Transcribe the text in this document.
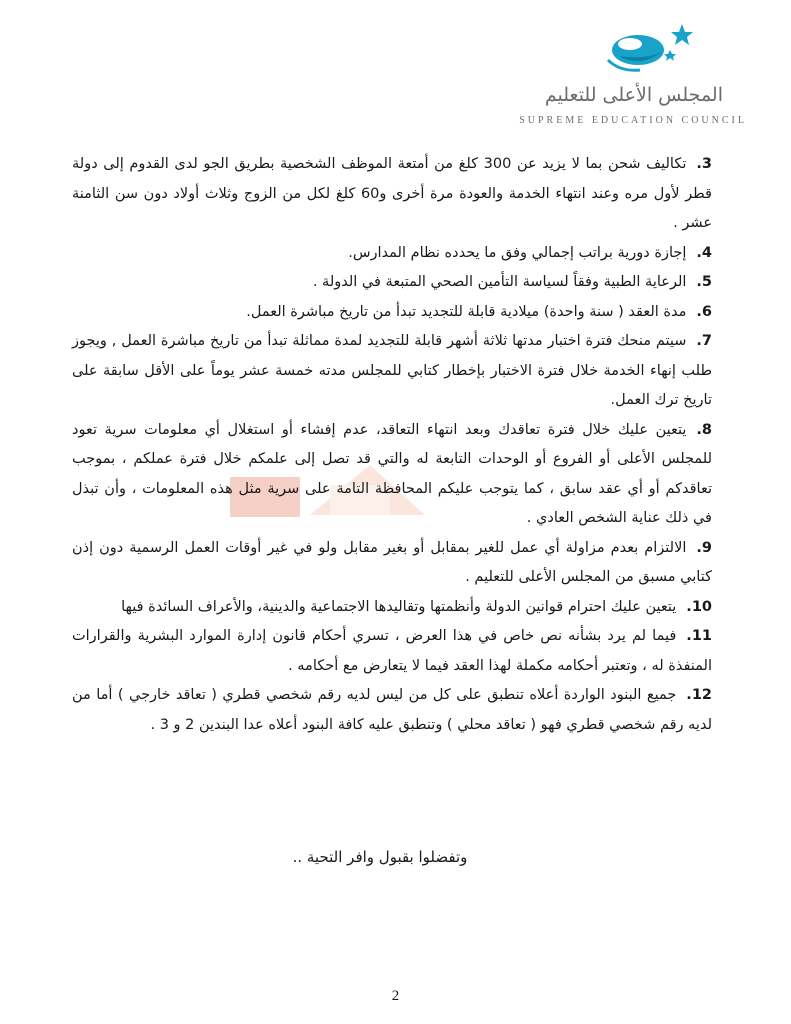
المجلس الأعلى للتعليم
SUPREME EDUCATION COUNCIL

3.تكاليف شحن بما لا يزيد عن 300 كلغ من أمتعة الموظف الشخصية بطريق الجو لدى القدوم إلى دولة قطر لأول مره وعند انتهاء الخدمة والعودة مرة أخرى و60 كلغ لكل من الزوج وثلاث أولاد دون سن الثامنة عشر .

4.إجازة دورية براتب إجمالي وفق ما يحدده نظام المدارس.

5.الرعاية الطبية وفقاً لسياسة التأمين الصحي المتبعة في الدولة .

6.مدة العقد ( سنة واحدة) ميلادية قابلة للتجديد تبدأ من تاريخ مباشرة العمل.

7.سيتم منحك فترة اختبار مدتها ثلاثة أشهر قابلة للتجديد لمدة مماثلة تبدأ من تاريخ مباشرة العمل , ويجوز طلب إنهاء الخدمة خلال فترة الاختبار بإخطار كتابي للمجلس مدته خمسة عشر يوماً على الأقل سابقة على تاريخ ترك العمل.

8.يتعين عليك خلال فترة تعاقدك وبعد انتهاء التعاقد، عدم إفشاء أو استغلال أي معلومات سرية تعود للمجلس الأعلى أو الفروع أو الوحدات التابعة له والتي قد تصل إلى علمكم خلال فترة عملكم ، بموجب تعاقدكم أو أي عقد سابق ، كما يتوجب عليكم المحافظة التامة على سرية مثل هذه المعلومات ، وأن تبذل في ذلك عناية الشخص العادي .

9.الالتزام بعدم مزاولة أي عمل للغير بمقابل أو بغير مقابل ولو في غير أوقات العمل الرسمية دون إذن كتابي مسبق من المجلس الأعلى للتعليم .

10.يتعين عليك احترام قوانين الدولة وأنظمتها وتقاليدها الاجتماعية والدينية، والأعراف السائدة فيها

11.فيما لم يرد بشأنه نص خاص في هذا العرض ، تسري أحكام قانون إدارة الموارد البشرية والقرارات المنفذة له ، وتعتبر أحكامه مكملة لهذا العقد فيما لا يتعارض مع أحكامه .

12.جميع البنود الواردة أعلاه تنطبق على كل من ليس لديه رقم شخصي قطري ( تعاقد خارجي ) أما من لديه رقم شخصي قطري فهو ( تعاقد محلي ) وتنطبق عليه كافة البنود أعلاه عدا البندين 2 و 3 .

وتفضلوا بقبول وافر التحية ..
2
